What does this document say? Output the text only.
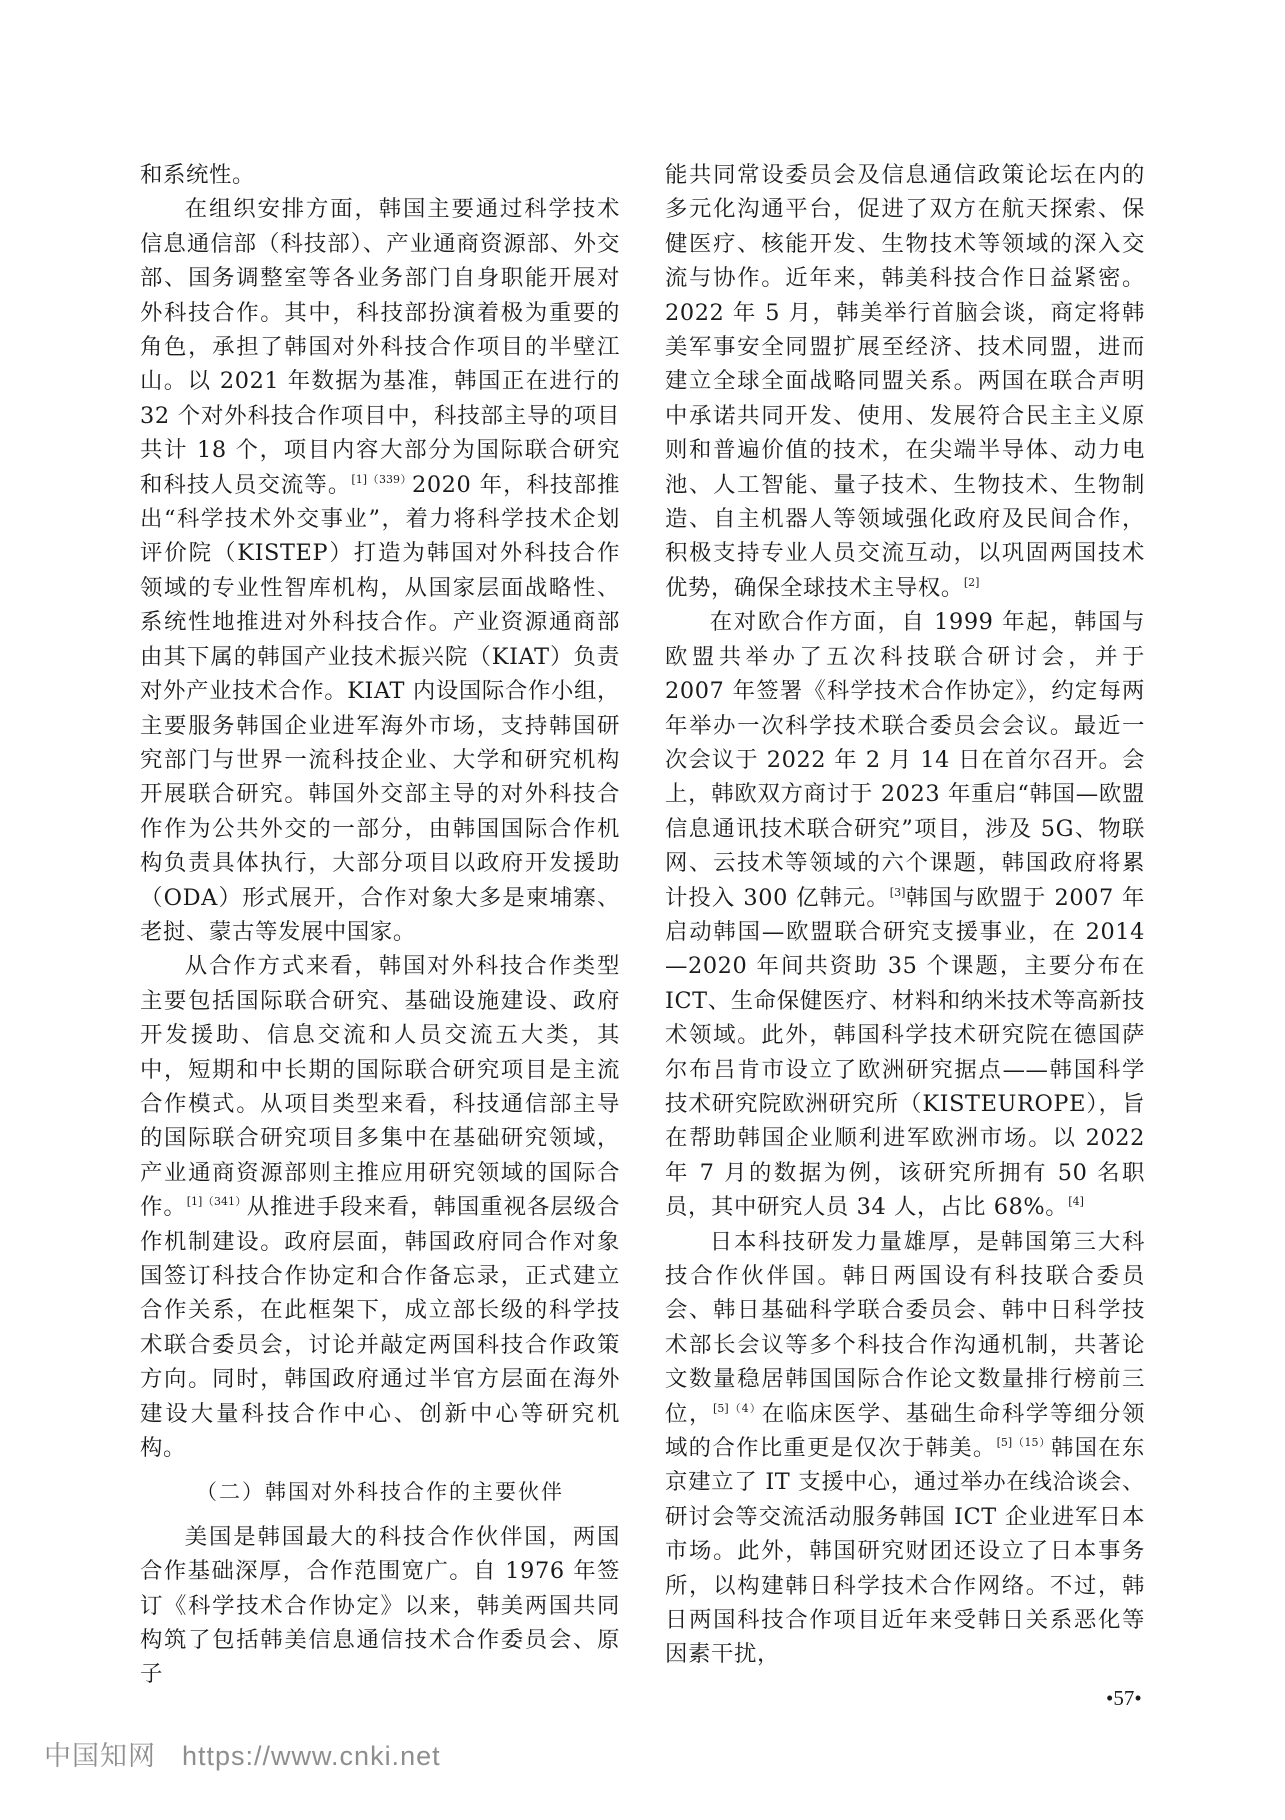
和系统性。

在组织安排方面，韩国主要通过科学技术信息通信部（科技部）、产业通商资源部、外交部、国务调整室等各业务部门自身职能开展对外科技合作。其中，科技部扮演着极为重要的角色，承担了韩国对外科技合作项目的半壁江山。以 2021 年数据为基准，韩国正在进行的 32 个对外科技合作项目中，科技部主导的项目共计 18 个，项目内容大部分为国际联合研究和科技人员交流等。$^{[1](339)}$2020 年，科技部推出“科学技术外交事业”，着力将科学技术企划评价院（KISTEP）打造为韩国对外科技合作领域的专业性智库机构，从国家层面战略性、系统性地推进对外科技合作。产业资源通商部由其下属的韩国产业技术振兴院（KIAT）负责对外产业技术合作。KIAT 内设国际合作小组，主要服务韩国企业进军海外市场，支持韩国研究部门与世界一流科技企业、大学和研究机构开展联合研究。韩国外交部主导的对外科技合作作为公共外交的一部分，由韩国国际合作机构负责具体执行，大部分项目以政府开发援助（ODA）形式展开，合作对象大多是柬埔寨、老挝、蒙古等发展中国家。

从合作方式来看，韩国对外科技合作类型主要包括国际联合研究、基础设施建设、政府开发援助、信息交流和人员交流五大类，其中，短期和中长期的国际联合研究项目是主流合作模式。从项目类型来看，科技通信部主导的国际联合研究项目多集中在基础研究领域，产业通商资源部则主推应用研究领域的国际合作。$^{[1](341)}$从推进手段来看，韩国重视各层级合作机制建设。政府层面，韩国政府同合作对象国签订科技合作协定和合作备忘录，正式建立合作关系，在此框架下，成立部长级的科学技术联合委员会，讨论并敲定两国科技合作政策方向。同时，韩国政府通过半官方层面在海外建设大量科技合作中心、创新中心等研究机构。

（二）韩国对外科技合作的主要伙伴

美国是韩国最大的科技合作伙伴国，两国合作基础深厚，合作范围宽广。自 1976 年签订《科学技术合作协定》以来，韩美两国共同构筑了包括韩美信息通信技术合作委员会、原子

能共同常设委员会及信息通信政策论坛在内的多元化沟通平台，促进了双方在航天探索、保健医疗、核能开发、生物技术等领域的深入交流与协作。近年来，韩美科技合作日益紧密。2022 年 5 月，韩美举行首脑会谈，商定将韩美军事安全同盟扩展至经济、技术同盟，进而建立全球全面战略同盟关系。两国在联合声明中承诺共同开发、使用、发展符合民主主义原则和普遍价值的技术，在尖端半导体、动力电池、人工智能、量子技术、生物技术、生物制造、自主机器人等领域强化政府及民间合作，积极支持专业人员交流互动，以巩固两国技术优势，确保全球技术主导权。[2]

在对欧合作方面，自 1999 年起，韩国与欧盟共举办了五次科技联合研讨会，并于 2007 年签署《科学技术合作协定》，约定每两年举办一次科学技术联合委员会会议。最近一次会议于 2022 年 2 月 14 日在首尔召开。会上，韩欧双方商讨于 2023 年重启“韩国—欧盟信息通讯技术联合研究”项目，涉及 5G、物联网、云技术等领域的六个课题，韩国政府将累计投入 300 亿韩元。[3]韩国与欧盟于 2007 年启动韩国—欧盟联合研究支援事业，在 2014—2020 年间共资助 35 个课题，主要分布在 ICT、生命保健医疗、材料和纳米技术等高新技术领域。此外，韩国科学技术研究院在德国萨尔布吕肯市设立了欧洲研究据点——韩国科学技术研究院欧洲研究所（KISTEUROPE），旨在帮助韩国企业顺利进军欧洲市场。以 2022 年 7 月的数据为例，该研究所拥有 50 名职员，其中研究人员 34 人，占比 68%。[4]

日本科技研发力量雄厚，是韩国第三大科技合作伙伴国。韩日两国设有科技联合委员会、韩日基础科学联合委员会、韩中日科学技术部长会议等多个科技合作沟通机制，共著论文数量稳居韩国国际合作论文数量排行榜前三位，$^{[5](4)}$在临床医学、基础生命科学等细分领域的合作比重更是仅次于韩美。$^{[5](15)}$韩国在东京建立了 IT 支援中心，通过举办在线洽谈会、研讨会等交流活动服务韩国 ICT 企业进军日本市场。此外，韩国研究财团还设立了日本事务所，以构建韩日科学技术合作网络。不过，韩日两国科技合作项目近年来受韩日关系恶化等因素干扰，

•57•
中国知网 https://www.cnki.net
